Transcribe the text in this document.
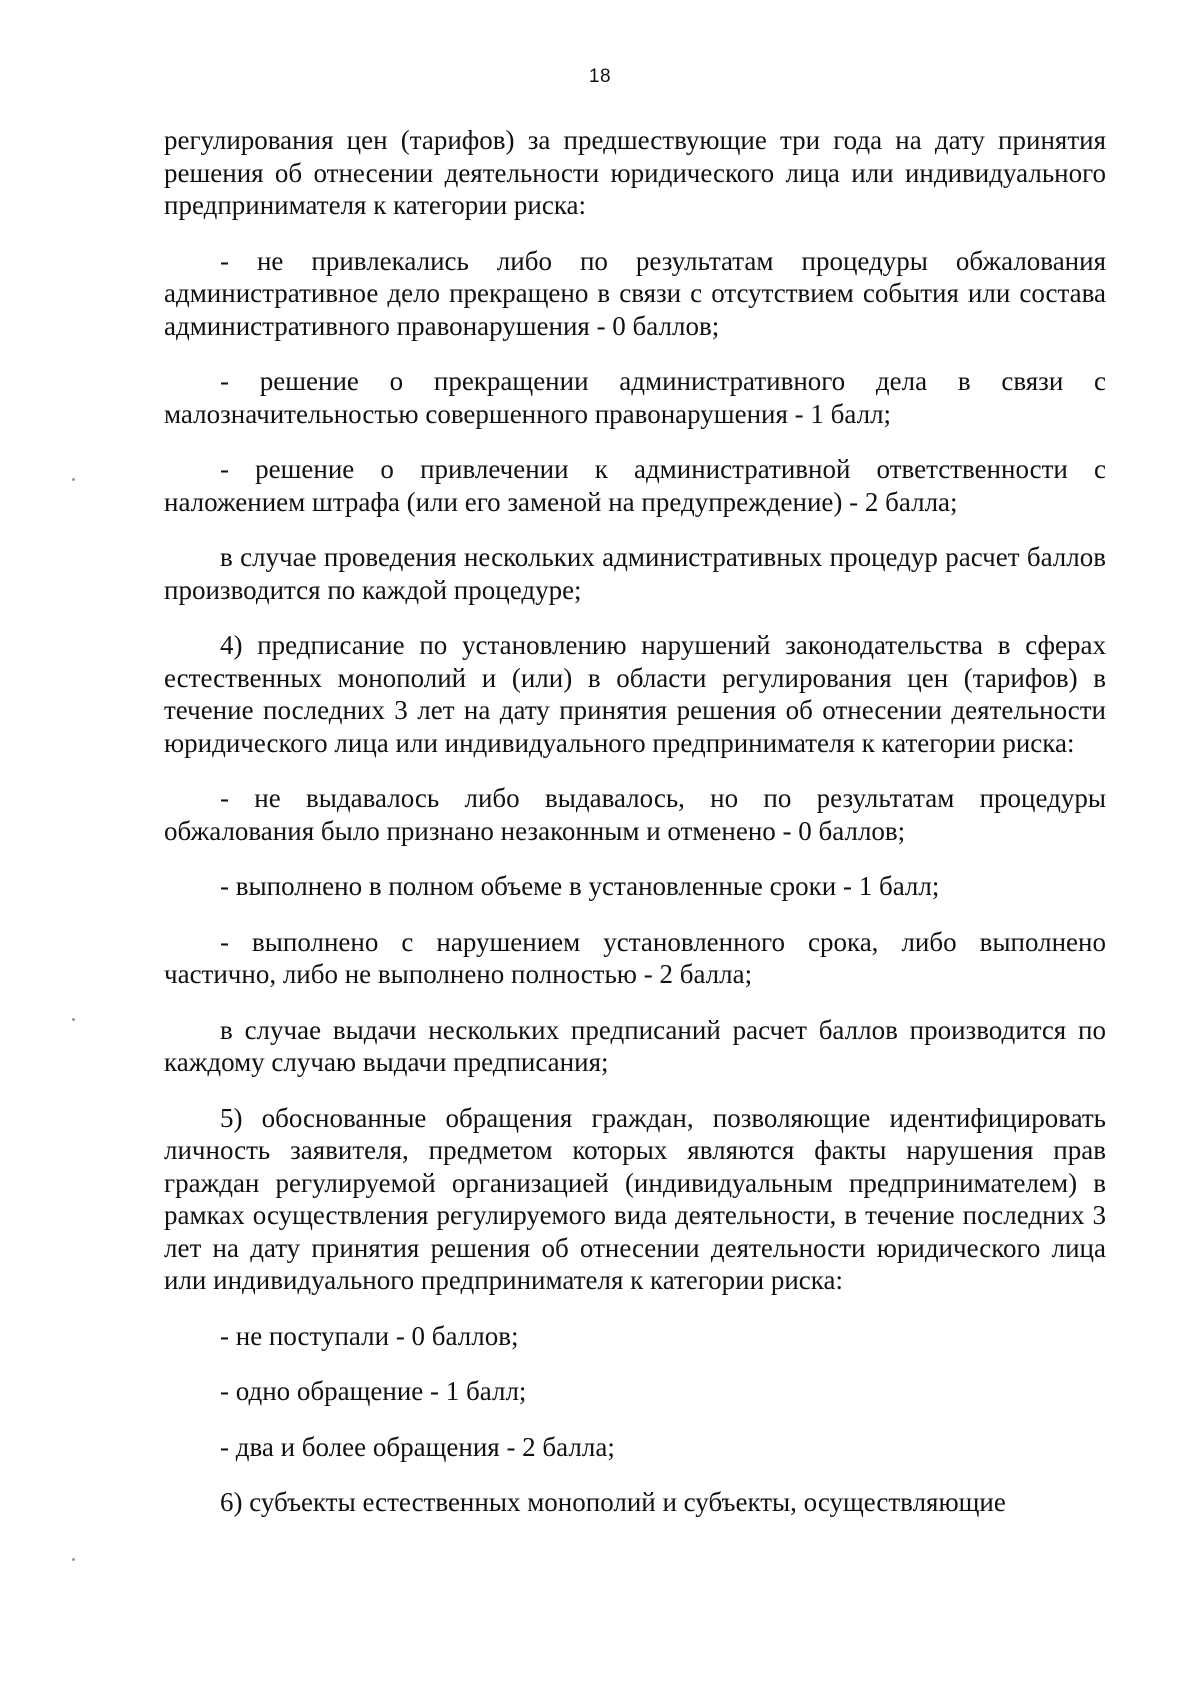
18

регулирования цен (тарифов) за предшествующие три года на дату принятия решения об отнесении деятельности юридического лица или индивидуального предпринимателя к категории риска:

- не привлекались либо по результатам процедуры обжалования административное дело прекращено в связи с отсутствием события или состава административного правонарушения - 0 баллов;

- решение о прекращении административного дела в связи с малозначительностью совершенного правонарушения - 1 балл;

- решение о привлечении к административной ответственности с наложением штрафа (или его заменой на предупреждение) - 2 балла;

в случае проведения нескольких административных процедур расчет баллов производится по каждой процедуре;

4) предписание по установлению нарушений законодательства в сферах естественных монополий и (или) в области регулирования цен (тарифов) в течение последних 3 лет на дату принятия решения об отнесении деятельности юридического лица или индивидуального предпринимателя к категории риска:

- не выдавалось либо выдавалось, но по результатам процедуры обжалования было признано незаконным и отменено - 0 баллов;

- выполнено в полном объеме в установленные сроки - 1 балл;

- выполнено с нарушением установленного срока, либо выполнено частично, либо не выполнено полностью - 2 балла;

в случае выдачи нескольких предписаний расчет баллов производится по каждому случаю выдачи предписания;

5) обоснованные обращения граждан, позволяющие идентифицировать личность заявителя, предметом которых являются факты нарушения прав граждан регулируемой организацией (индивидуальным предпринимателем) в рамках осуществления регулируемого вида деятельности, в течение последних 3 лет на дату принятия решения об отнесении деятельности юридического лица или индивидуального предпринимателя к категории риска:

- не поступали - 0 баллов;

- одно обращение - 1 балл;

- два и более обращения - 2 балла;

6) субъекты естественных монополий и субъекты, осуществляющие
